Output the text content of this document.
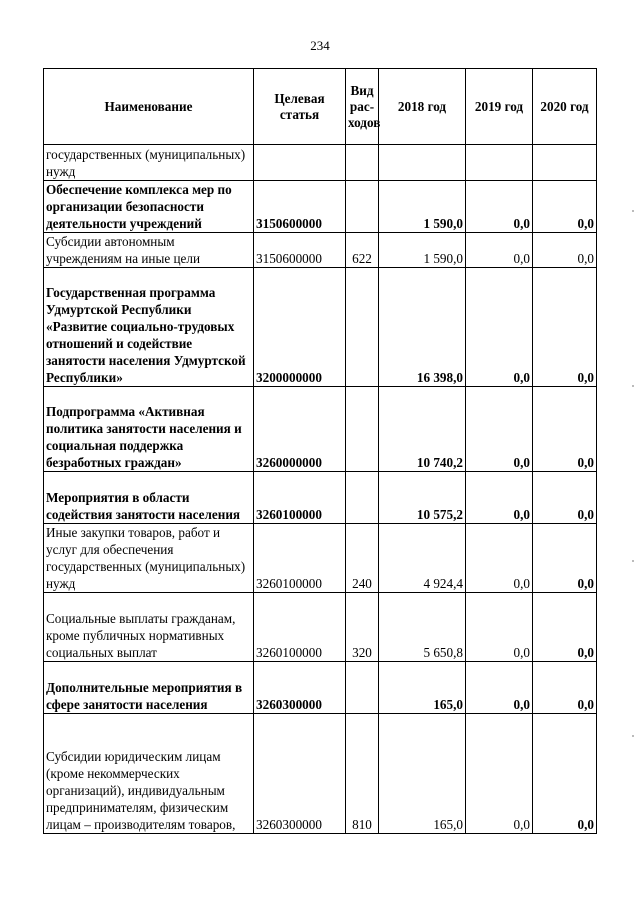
234
Наименование	Целевая статья	Вид рас-ходов	2018 год	2019 год	2020 год
государственных (муниципальных) нужд					
Обеспечение комплекса мер по организации безопасности деятельности учреждений	3150600000		1 590,0	0,0	0,0
Субсидии автономным учреждениям на иные цели	3150600000	622	1 590,0	0,0	0,0
Государственная программа Удмуртской Республики «Развитие социально-трудовых отношений и содействие занятости населения Удмуртской Республики»	3200000000		16 398,0	0,0	0,0
Подпрограмма «Активная политика занятости населения и социальная поддержка безработных граждан»	3260000000		10 740,2	0,0	0,0
Мероприятия в области содействия занятости населения	3260100000		10 575,2	0,0	0,0
Иные закупки товаров, работ и услуг для обеспечения государственных (муниципальных) нужд	3260100000	240	4 924,4	0,0	0,0
Социальные выплаты гражданам, кроме публичных нормативных социальных выплат	3260100000	320	5 650,8	0,0	0,0
Дополнительные мероприятия в сфере занятости населения	3260300000		165,0	0,0	0,0
Субсидии юридическим лицам (кроме некоммерческих организаций), индивидуальным предпринимателям, физическим лицам – производителям товаров,	3260300000	810	165,0	0,0	0,0
